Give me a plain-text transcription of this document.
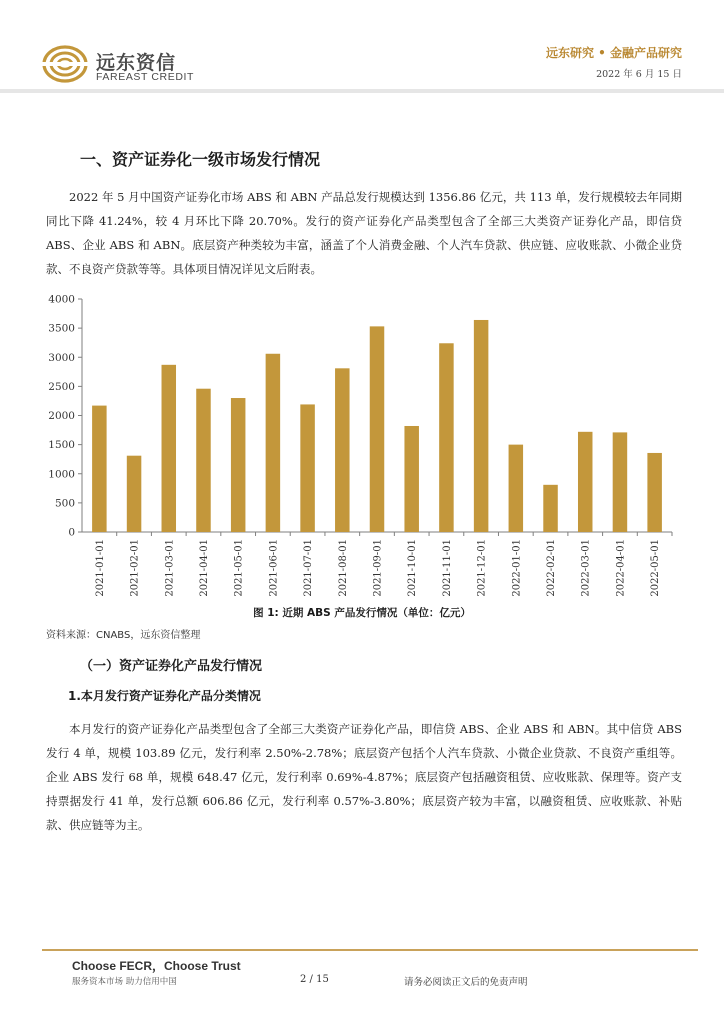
远东资信
FAREAST CREDIT
远东研究 • 金融产品研究
2022 年 6 月 15 日
一、资产证券化一级市场发行情况
2022 年 5 月中国资产证券化市场 ABS 和 ABN 产品总发行规模达到 1356.86 亿元，共 113 单，发行规模较去年同期同比下降 41.24%，较 4 月环比下降 20.70%。发行的资产证券化产品类型包含了全部三大类资产证券化产品，即信贷 ABS、企业 ABS 和 ABN。底层资产种类较为丰富，涵盖了个人消费金融、个人汽车贷款、供应链、应收账款、小微企业贷款、不良资产贷款等等。具体项目情况详见文后附表。
0
500
1000
1500
2000
2500
3000
3500
4000
2021-01-01 2021-02-01 2021-03-01 2021-04-01 2021-05-01 2021-06-01 2021-07-01 2021-08-01 2021-09-01 2021-10-01 2021-11-01 2021-12-01 2022-01-01 2022-02-01 2022-03-01 2022-04-01 2022-05-01
图 1: 近期 ABS 产品发行情况（单位：亿元）
资料来源：CNABS，远东资信整理
（一）资产证券化产品发行情况
1.本月发行资产证券化产品分类情况
本月发行的资产证券化产品类型包含了全部三大类资产证券化产品，即信贷 ABS、企业 ABS 和 ABN。其中信贷 ABS 发行 4 单，规模 103.89 亿元，发行利率 2.50%-2.78%；底层资产包括个人汽车贷款、小微企业贷款、不良资产重组等。企业 ABS 发行 68 单，规模 648.47 亿元，发行利率 0.69%-4.87%；底层资产包括融资租赁、应收账款、保理等。资产支持票据发行 41 单，发行总额 606.86 亿元，发行利率 0.57%-3.80%；底层资产较为丰富，以融资租赁、应收账款、补贴款、供应链等为主。
Choose FECR，Choose Trust
服务资本市场 助力信用中国	2 / 15	请务必阅读正文后的免责声明
